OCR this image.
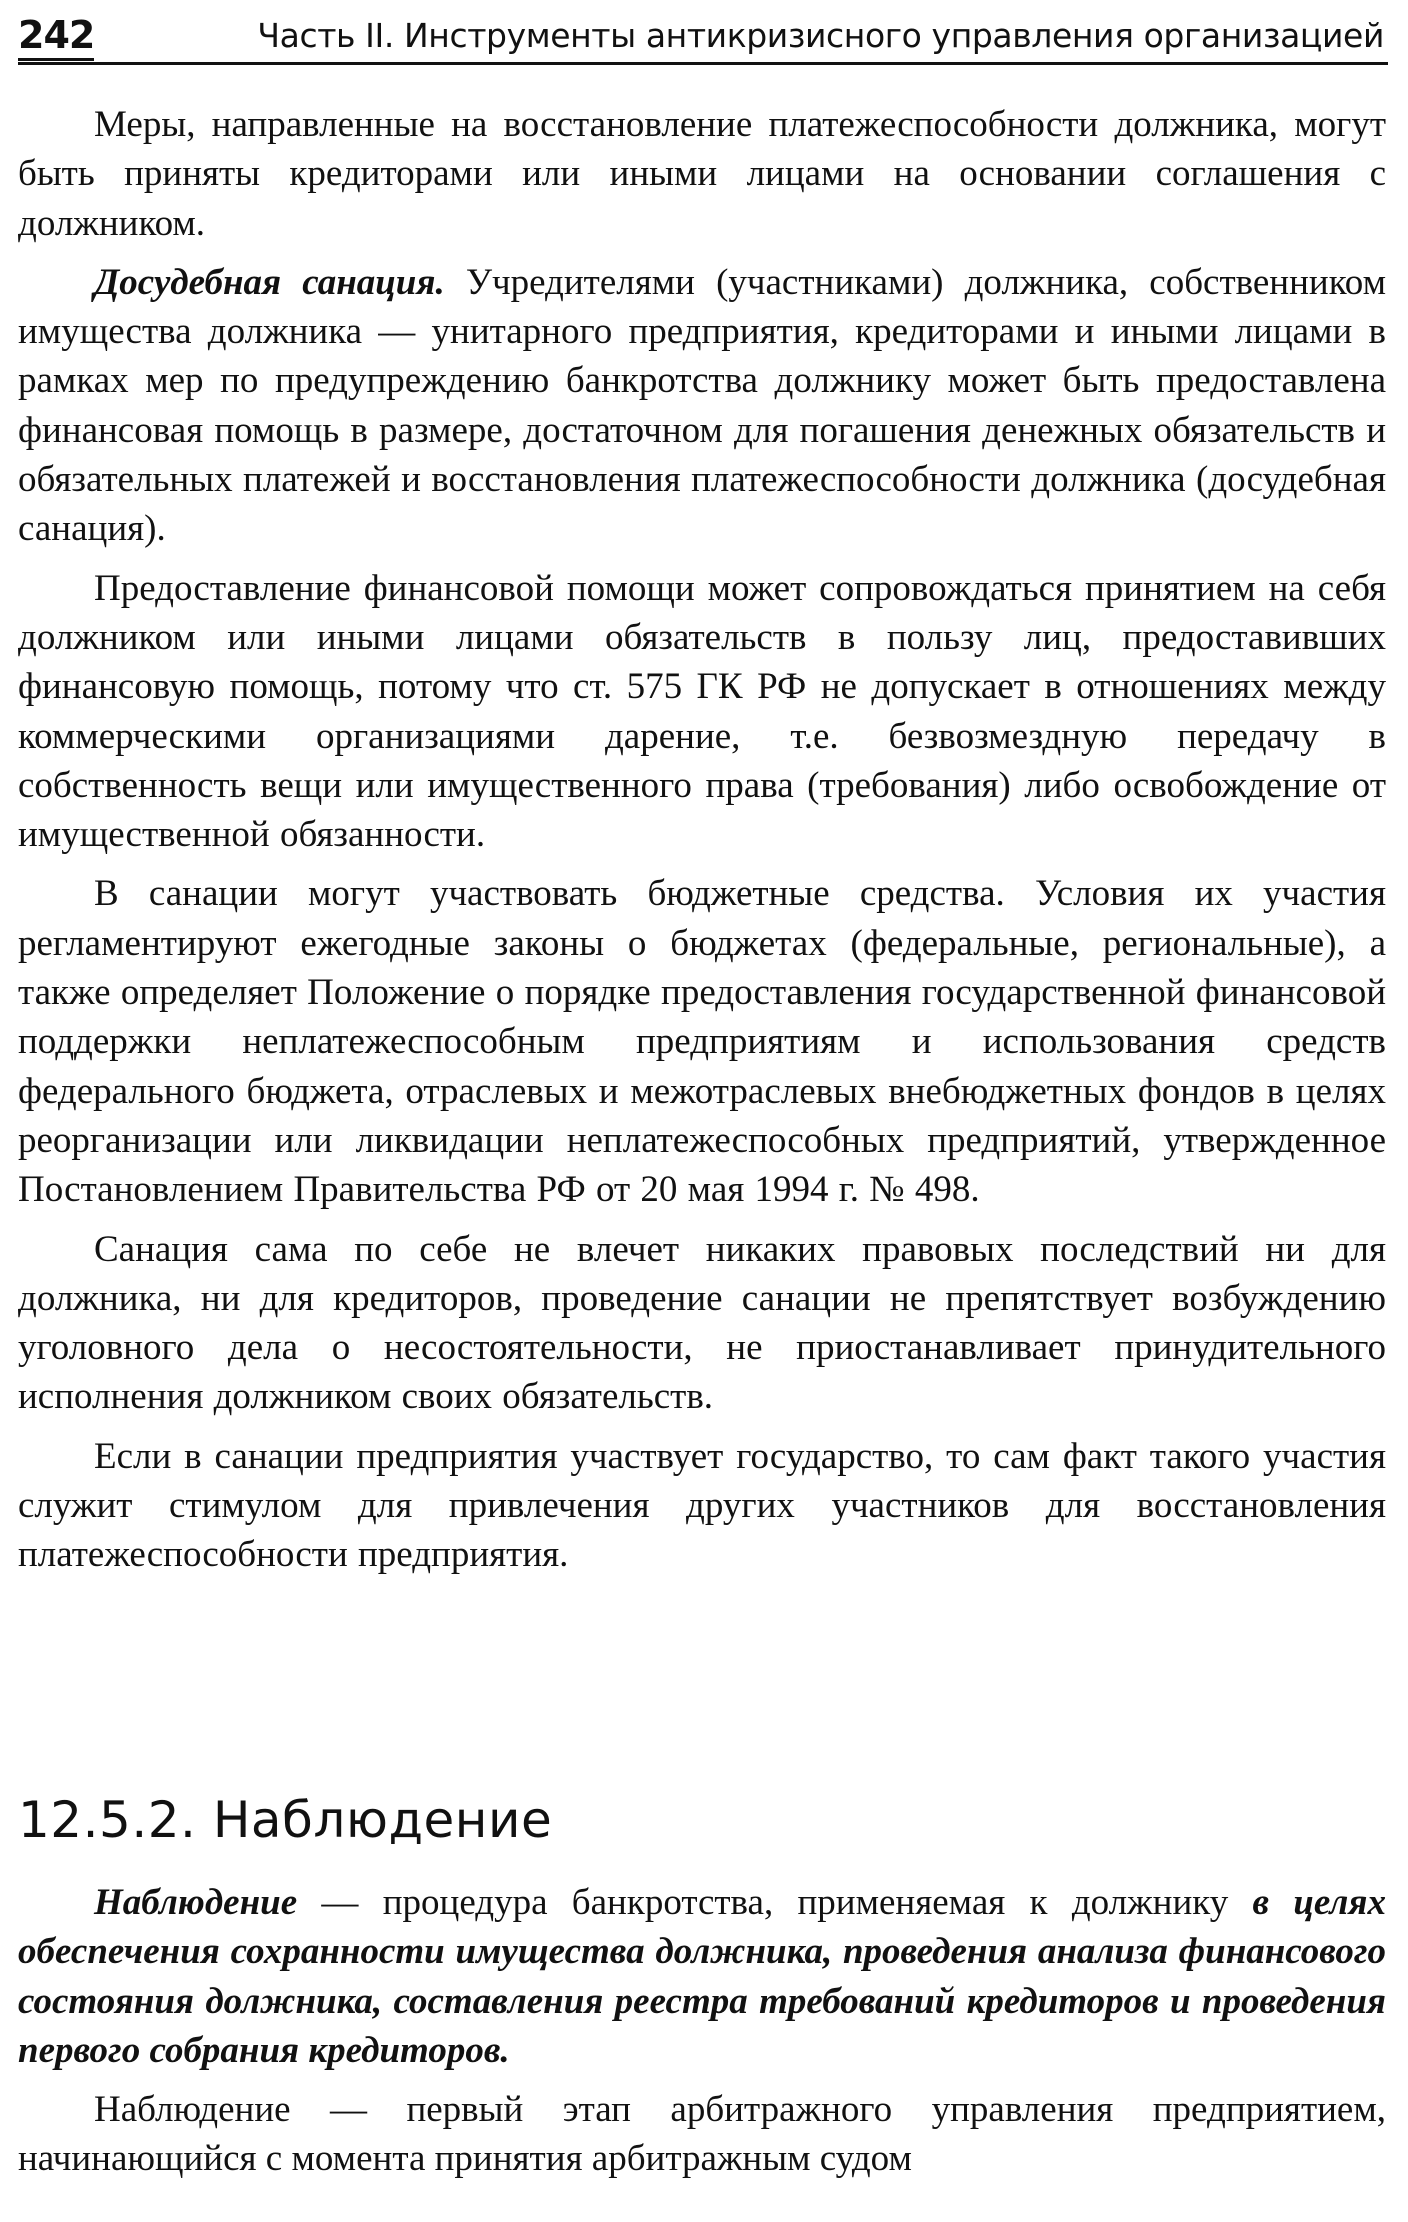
242	Часть II. Инструменты антикризисного управления организацией

Меры, направленные на восстановление платежеспособности должника, могут быть приняты кредиторами или иными лицами на основании соглашения с должником.

Досудебная санация. Учредителями (участниками) должника, собственником имущества должника — унитарного предприятия, кредиторами и иными лицами в рамках мер по предупреждению банкротства должнику может быть предоставлена финансовая помощь в размере, достаточном для погашения денежных обязательств и обязательных платежей и восстановления платежеспособности должника (досудебная санация).

Предоставление финансовой помощи может сопровождаться принятием на себя должником или иными лицами обязательств в пользу лиц, предоставивших финансовую помощь, потому что ст. 575 ГК РФ не допускает в отношениях между коммерческими организациями дарение, т.е. безвозмездную передачу в собственность вещи или имущественного права (требования) либо освобождение от имущественной обязанности.

В санации могут участвовать бюджетные средства. Условия их участия регламентируют ежегодные законы о бюджетах (федеральные, региональные), а также определяет Положение о порядке предоставления государственной финансовой поддержки неплатежеспособным предприятиям и использования средств федерального бюджета, отраслевых и межотраслевых внебюджетных фондов в целях реорганизации или ликвидации неплатежеспособных предприятий, утвержденное Постановлением Правительства РФ от 20 мая 1994 г. № 498.

Санация сама по себе не влечет никаких правовых последствий ни для должника, ни для кредиторов, проведение санации не препятствует возбуждению уголовного дела о несостоятельности, не приостанавливает принудительного исполнения должником своих обязательств.

Если в санации предприятия участвует государство, то сам факт такого участия служит стимулом для привлечения других участников для восстановления платежеспособности предприятия.

12.5.2. Наблюдение

Наблюдение — процедура банкротства, применяемая к должнику в целях обеспечения сохранности имущества должника, проведения анализа финансового состояния должника, составления реестра требований кредиторов и проведения первого собрания кредиторов.

Наблюдение — первый этап арбитражного управления предприятием, начинающийся с момента принятия арбитражным судом
